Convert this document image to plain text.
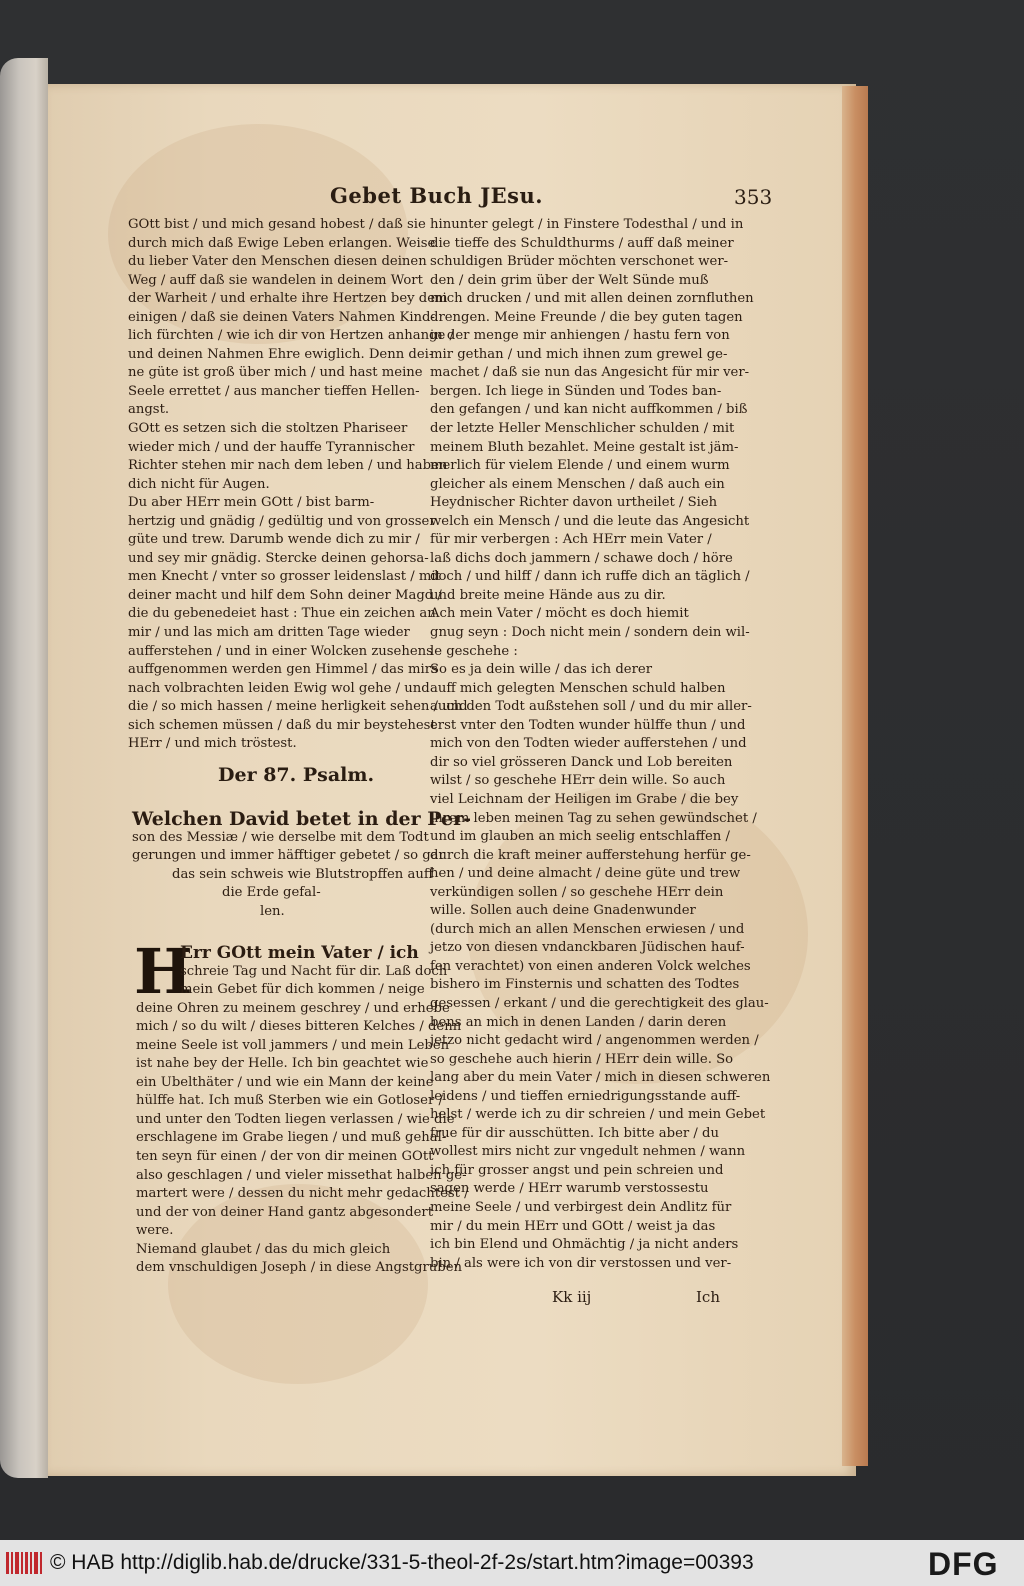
Gebet Buch JEsu.	353
GOtt bist / und mich gesand hobest / daß sie
durch mich daß Ewige Leben erlangen. Weise
du lieber Vater den Menschen diesen deinen
Weg / auff daß sie wandelen in deinem Wort
der Warheit / und erhalte ihre Hertzen bey dem
einigen / daß sie deinen Vaters Nahmen Kind-
lich fürchten / wie ich dir von Hertzen anhange /
und deinen Nahmen Ehre ewiglich. Denn dei-
ne güte ist groß über mich / und hast meine
Seele errettet / aus mancher tieffen Hellen-
angst.
GOtt es setzen sich die stoltzen Phariseer
wieder mich / und der hauffe Tyrannischer
Richter stehen mir nach dem leben / und haben
dich nicht für Augen.
Du aber HErr mein GOtt / bist barm-
hertzig und gnädig / gedültig und von grosser
güte und trew. Darumb wende dich zu mir /
und sey mir gnädig. Stercke deinen gehorsa-
men Knecht / vnter so grosser leidenslast / mit
deiner macht und hilf dem Sohn deiner Magd /
die du gebenedeiet hast : Thue ein zeichen an
mir / und las mich am dritten Tage wieder
aufferstehen / und in einer Wolcken zusehens
auffgenommen werden gen Himmel / das mirs
nach volbrachten leiden Ewig wol gehe / und
die / so mich hassen / meine herligkeit sehen / und
sich schemen müssen / daß du mir beystehest
HErr / und mich tröstest.
Der 87. Psalm.
Welchen David betet in der Per-
son des Messiæ / wie derselbe mit dem Todt
gerungen und immer häfftiger gebetet / so gar
das sein schweis wie Blutstropffen auff
die Erde gefal-
len.
H
Err GOtt mein Vater / ich
schreie Tag und Nacht für dir. Laß doch
mein Gebet für dich kommen / neige
deine Ohren zu meinem geschrey / und erhebe
mich / so du wilt / dieses bitteren Kelches / denn
meine Seele ist voll jammers / und mein Leben
ist nahe bey der Helle. Ich bin geachtet wie
ein Ubelthäter / und wie ein Mann der keine
hülffe hat. Ich muß Sterben wie ein Gotloser /
und unter den Todten liegen verlassen / wie die
erschlagene im Grabe liegen / und muß gehal-
ten seyn für einen / der von dir meinen GOtt
also geschlagen / und vieler missethat halben ge-
martert were / dessen du nicht mehr gedachtest /
und der von deiner Hand gantz abgesondert
were.
Niemand glaubet / das du mich gleich
dem vnschuldigen Joseph / in diese Angstgruben
hinunter gelegt / in Finstere Todesthal / und in
die tieffe des Schuldthurms / auff daß meiner
schuldigen Brüder möchten verschonet wer-
den / dein grim über der Welt Sünde muß
mich drucken / und mit allen deinen zornfluthen
drengen. Meine Freunde / die bey guten tagen
in der menge mir anhiengen / hastu fern von
mir gethan / und mich ihnen zum grewel ge-
machet / daß sie nun das Angesicht für mir ver-
bergen. Ich liege in Sünden und Todes ban-
den gefangen / und kan nicht auffkommen / biß
der letzte Heller Menschlicher schulden / mit
meinem Bluth bezahlet. Meine gestalt ist jäm-
merlich für vielem Elende / und einem wurm
gleicher als einem Menschen / daß auch ein
Heydnischer Richter davon urtheilet / Sieh
welch ein Mensch / und die leute das Angesicht
für mir verbergen : Ach HErr mein Vater /
laß dichs doch jammern / schawe doch / höre
doch / und hilff / dann ich ruffe dich an täglich /
und breite meine Hände aus zu dir.
Ach mein Vater / möcht es doch hiemit
gnug seyn : Doch nicht mein / sondern dein wil-
le geschehe :
So es ja dein wille / das ich derer
auff mich gelegten Menschen schuld halben
auch den Todt außstehen soll / und du mir aller-
erst vnter den Todten wunder hülffe thun / und
mich von den Todten wieder aufferstehen / und
dir so viel grösseren Danck und Lob bereiten
wilst / so geschehe HErr dein wille. So auch
viel Leichnam der Heiligen im Grabe / die bey
ihrem leben meinen Tag zu sehen gewündschet /
und im glauben an mich seelig entschlaffen /
durch die kraft meiner aufferstehung herfür ge-
hen / und deine almacht / deine güte und trew
verkündigen sollen / so geschehe HErr dein
wille. Sollen auch deine Gnadenwunder
(durch mich an allen Menschen erwiesen / und
jetzo von diesen vndanckbaren Jüdischen hauf-
fen verachtet) von einen anderen Volck welches
bishero im Finsternis und schatten des Todtes
gesessen / erkant / und die gerechtigkeit des glau-
bens an mich in denen Landen / darin deren
jetzo nicht gedacht wird / angenommen werden /
so geschehe auch hierin / HErr dein wille. So
lang aber du mein Vater / mich in diesen schweren
leidens / und tieffen erniedrigungsstande auff-
helst / werde ich zu dir schreien / und mein Gebet
frue für dir ausschütten. Ich bitte aber / du
wollest mirs nicht zur vngedult nehmen / wann
ich für grosser angst und pein schreien und
sagen werde / HErr warumb verstossestu
meine Seele / und verbirgest dein Andlitz für
mir / du mein HErr und GOtt / weist ja das
ich bin Elend und Ohmächtig / ja nicht anders
bin / als were ich von dir verstossen und ver-
Kk iij	Ich
© HAB http://diglib.hab.de/drucke/331-5-theol-2f-2s/start.htm?image=00393	DFG
